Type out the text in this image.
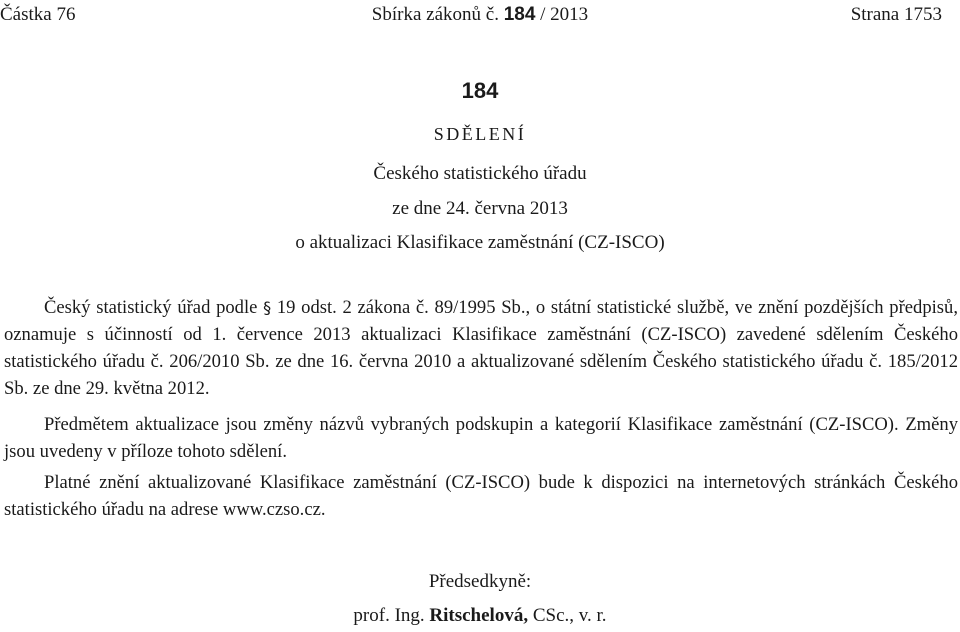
Částka 76	Sbírka zákonů č. 184 / 2013	Strana 1753
184
SDĚLENÍ
Českého statistického úřadu
ze dne 24. června 2013
o aktualizaci Klasifikace zaměstnání (CZ-ISCO)

Český statistický úřad podle § 19 odst. 2 zákona č. 89/1995 Sb., o státní statistické službě, ve znění pozdějších předpisů, oznamuje s účinností od 1. července 2013 aktualizaci Klasifikace zaměstnání (CZ-ISCO) zavedené sdělením Českého statistického úřadu č. 206/2010 Sb. ze dne 16. června 2010 a aktualizované sdělením Českého statistického úřadu č. 185/2012 Sb. ze dne 29. května 2012.

Předmětem aktualizace jsou změny názvů vybraných podskupin a kategorií Klasifikace zaměstnání (CZ-ISCO). Změny jsou uvedeny v příloze tohoto sdělení.

Platné znění aktualizované Klasifikace zaměstnání (CZ-ISCO) bude k dispozici na internetových stránkách Českého statistického úřadu na adrese www.czso.cz.

Předsedkyně:
prof. Ing. Ritschelová, CSc., v. r.
